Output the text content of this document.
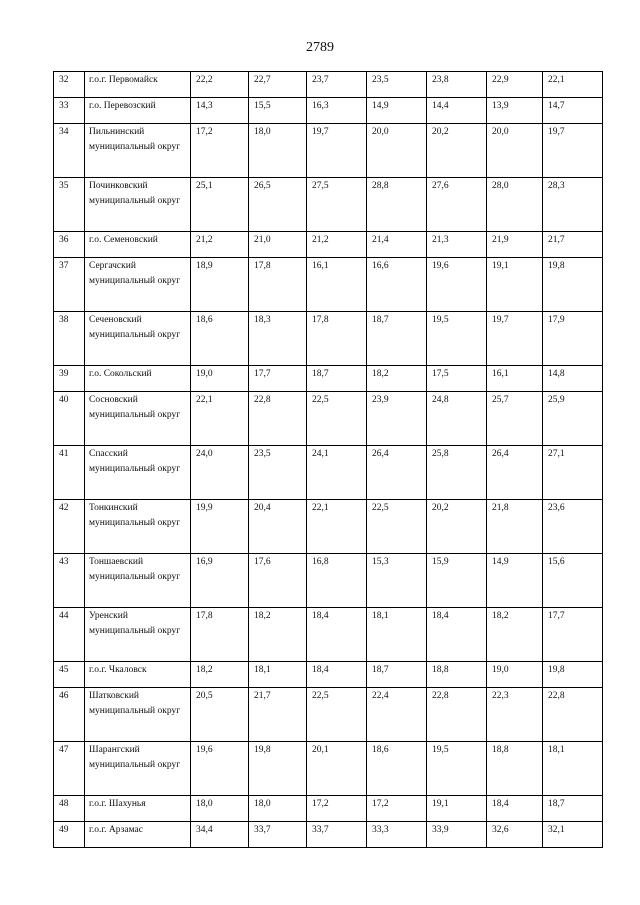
2789
32	г.о.г. Первомайск	22,2	22,7	23,7	23,5	23,8	22,9	22,1
33	г.о. Перевозский	14,3	15,5	16,3	14,9	14,4	13,9	14,7
34	Пильнинский муниципальный округ	17,2	18,0	19,7	20,0	20,2	20,0	19,7
35	Починковский муниципальный округ	25,1	26,5	27,5	28,8	27,6	28,0	28,3
36	г.о. Семеновский	21,2	21,0	21,2	21,4	21,3	21,9	21,7
37	Сергачский муниципальный округ	18,9	17,8	16,1	16,6	19,6	19,1	19,8
38	Сеченовский муниципальный округ	18,6	18,3	17,8	18,7	19,5	19,7	17,9
39	г.о. Сокольский	19,0	17,7	18,7	18,2	17,5	16,1	14,8
40	Сосновский муниципальный округ	22,1	22,8	22,5	23,9	24,8	25,7	25,9
41	Спасский муниципальный округ	24,0	23,5	24,1	26,4	25,8	26,4	27,1
42	Тонкинский муниципальный округ	19,9	20,4	22,1	22,5	20,2	21,8	23,6
43	Тоншаевский муниципальный округ	16,9	17,6	16,8	15,3	15,9	14,9	15,6
44	Уренский муниципальный округ	17,8	18,2	18,4	18,1	18,4	18,2	17,7
45	г.о.г. Чкаловск	18,2	18,1	18,4	18,7	18,8	19,0	19,8
46	Шатковский муниципальный округ	20,5	21,7	22,5	22,4	22,8	22,3	22,8
47	Шарангский муниципальный округ	19,6	19,8	20,1	18,6	19,5	18,8	18,1
48	г.о.г. Шахунья	18,0	18,0	17,2	17,2	19,1	18,4	18,7
49	г.о.г. Арзамас	34,4	33,7	33,7	33,3	33,9	32,6	32,1
